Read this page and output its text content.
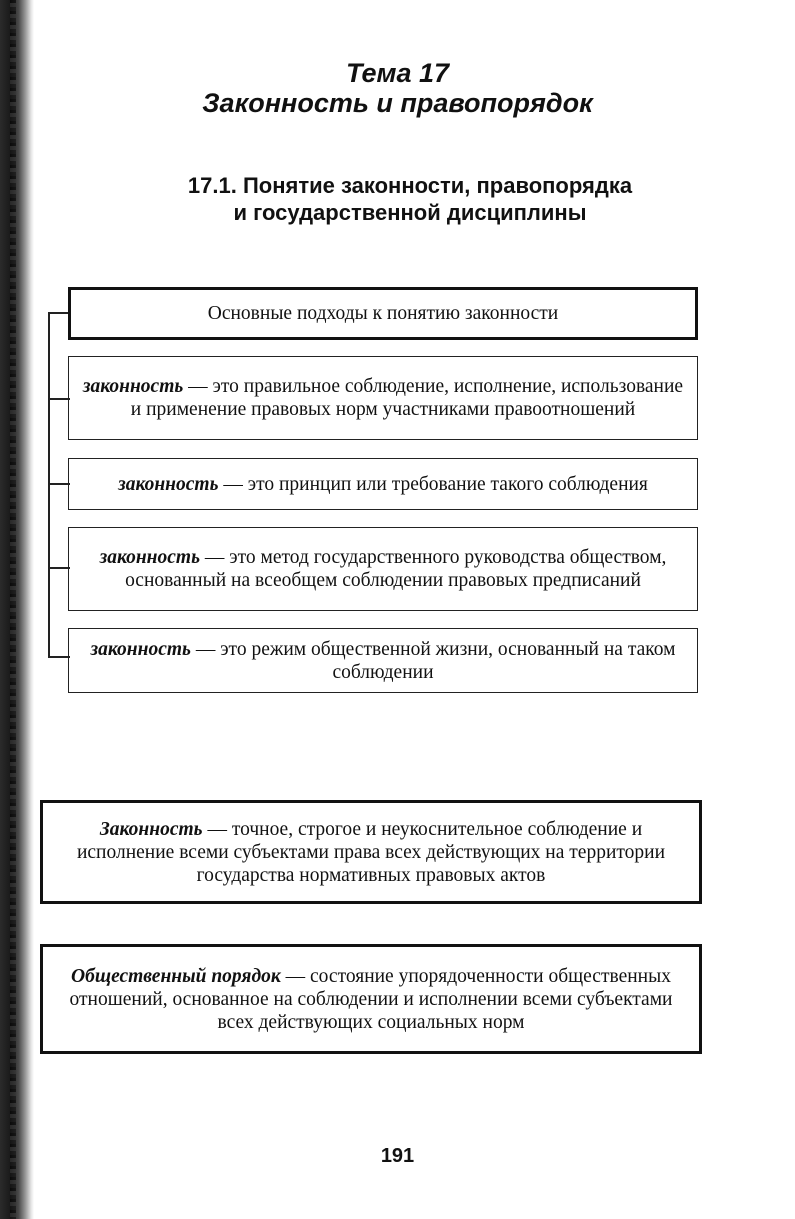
Тема 17
Законность и правопорядок
17.1. Понятие законности, правопорядка
и государственной дисциплины
Основные подходы к понятию законности
законность — это правильное соблюдение, исполнение, использование и применение правовых норм участниками правоотношений
законность — это принцип или требование такого соблюдения
законность — это метод государственного руководства обществом, основанный на всеобщем соблюдении правовых предписаний
законность — это режим общественной жизни, основанный на таком соблюдении
Законность — точное, строгое и неукоснительное соблюдение и исполнение всеми субъектами права всех действующих на территории государства нормативных правовых актов
Общественный порядок — состояние упорядоченности общественных отношений, основанное на соблюдении и исполнении всеми субъектами всех действующих социальных норм
191
